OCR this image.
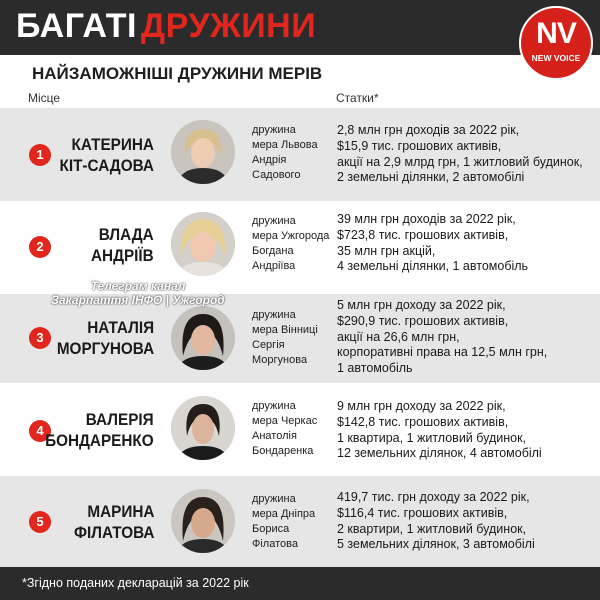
БАГАТІ ДРУЖИНИ	NV
NEW VOICE
НАЙЗАМОЖНІШІ ДРУЖИНИ МЕРІВ
Місце	Статки*
1
КАТЕРИНА
КІТ-САДОВА
дружина
мера Львова
Андрія
Садового
2,8 млн грн доходів за 2022 рік,
$15,9 тис. грошових активів,
акції на 2,9 млрд грн, 1 житловий будинок,
2 земельні ділянки, 2 автомобілі
2
ВЛАДА
АНДРІЇВ
дружина
мера Ужгорода
Богдана
Андріїва
39 млн грн доходів за 2022 рік,
$723,8 тис. грошових активів,
35 млн грн акцій,
4 земельні ділянки, 1 автомобіль
3
НАТАЛІЯ
МОРГУНОВА
дружина
мера Вінниці
Сергія
Моргунова
5 млн грн доходу за 2022 рік,
$290,9 тис. грошових активів,
акції на 26,6 млн грн,
корпоративні права на 12,5 млн грн,
1 автомобіль
4
ВАЛЕРІЯ
БОНДАРЕНКО
дружина
мера Черкас
Анатолія
Бондаренка
9 млн грн доходу за 2022 рік,
$142,8 тис. грошових активів,
1 квартира, 1 житловий будинок,
12 земельних ділянок, 4 автомобілі
5
МАРИНА
ФІЛАТОВА
дружина
мера Дніпра
Бориса
Філатова
419,7 тис. грн доходу за 2022 рік,
$116,4 тис. грошових активів,
2 квартири, 1 житловий будинок,
5 земельних ділянок, 3 автомобілі
Телеграм канал
Закарпаття ІНФО | Ужгород
*Згідно поданих декларацій за 2022 рік
